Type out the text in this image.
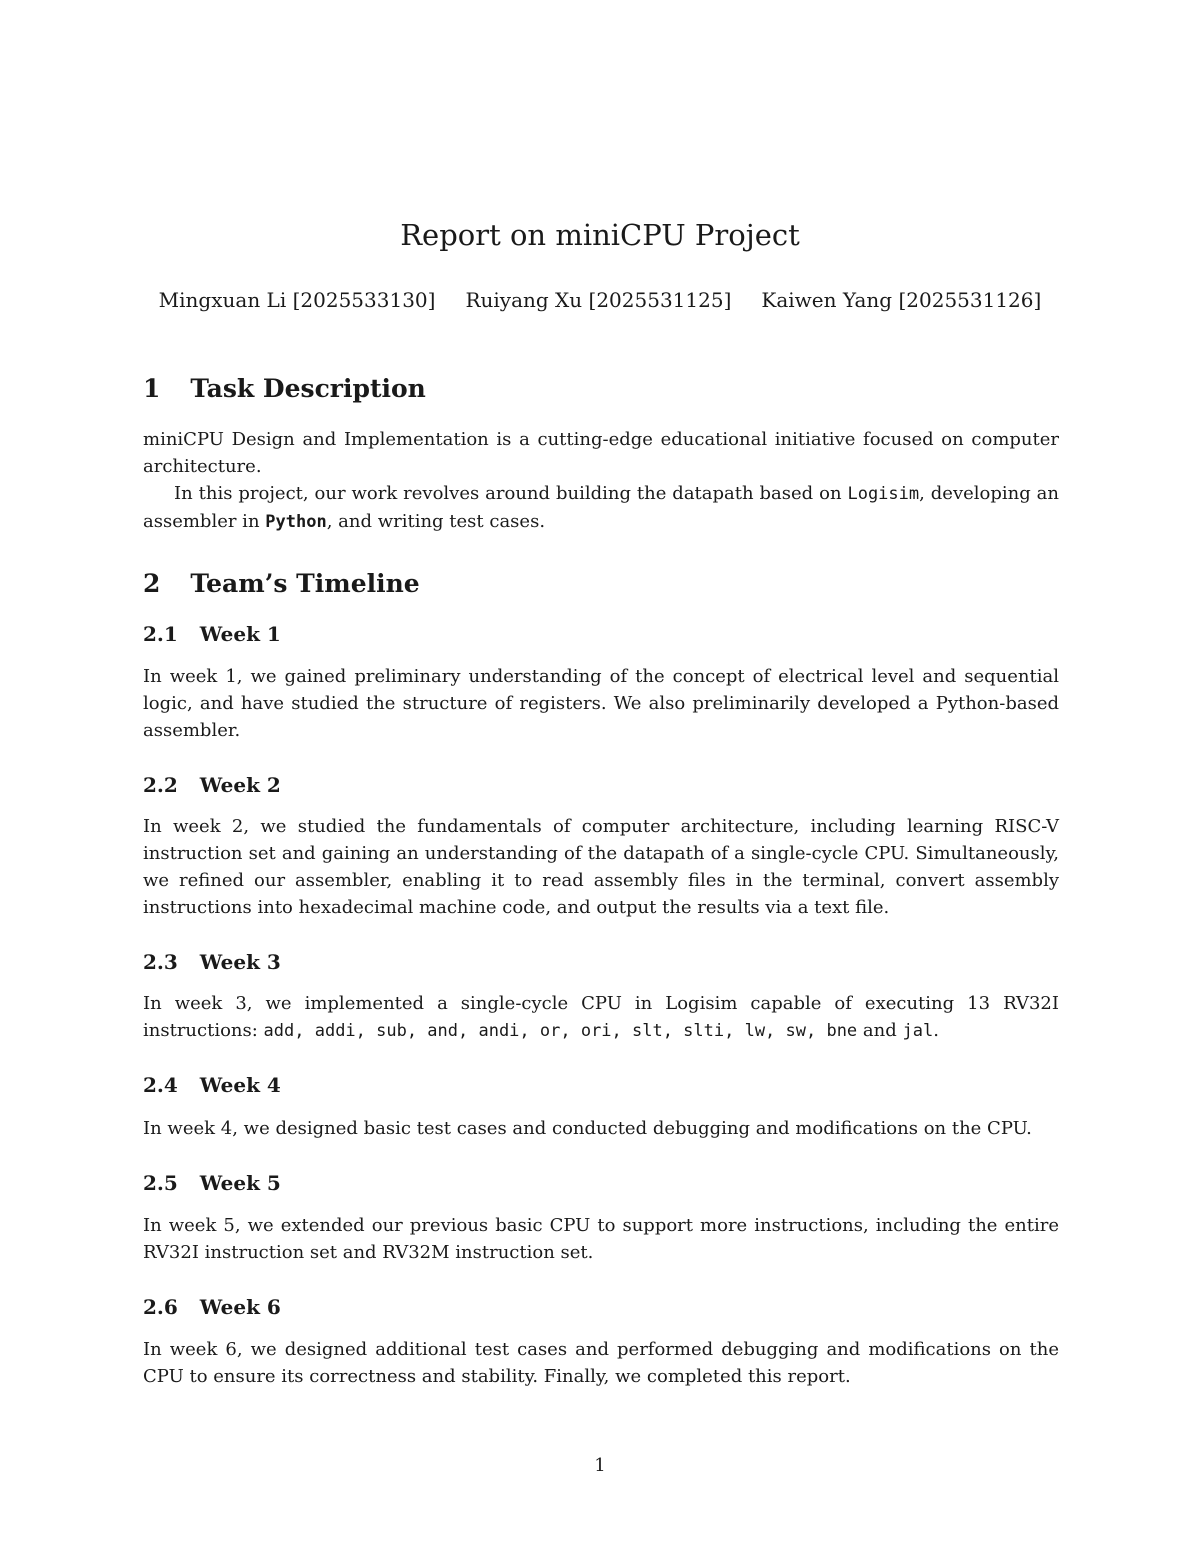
Report on miniCPU Project
Mingxuan Li [2025533130] Ruiyang Xu [2025531125] Kaiwen Yang [2025531126]
1 Task Description

miniCPU Design and Implementation is a cutting-edge educational initiative focused on computer architecture.

In this project, our work revolves around building the datapath based on Logisim, developing an assembler in Python, and writing test cases.

2 Team’s Timeline
2.1 Week 1

In week 1, we gained preliminary understanding of the concept of electrical level and sequential logic, and have studied the structure of registers. We also preliminarily developed a Python-based assembler.

2.2 Week 2

In week 2, we studied the fundamentals of computer architecture, including learning RISC-V instruction set and gaining an understanding of the datapath of a single-cycle CPU. Simultaneously, we refined our assembler, enabling it to read assembly files in the terminal, convert assembly instructions into hexadecimal machine code, and output the results via a text file.

2.3 Week 3

In week 3, we implemented a single-cycle CPU in Logisim capable of executing 13 RV32I instructions: add, addi, sub, and, andi, or, ori, slt, slti, lw, sw, bne and jal.

2.4 Week 4

In week 4, we designed basic test cases and conducted debugging and modifications on the CPU.

2.5 Week 5

In week 5, we extended our previous basic CPU to support more instructions, including the entire RV32I instruction set and RV32M instruction set.

2.6 Week 6

In week 6, we designed additional test cases and performed debugging and modifications on the CPU to ensure its correctness and stability. Finally, we completed this report.

1
